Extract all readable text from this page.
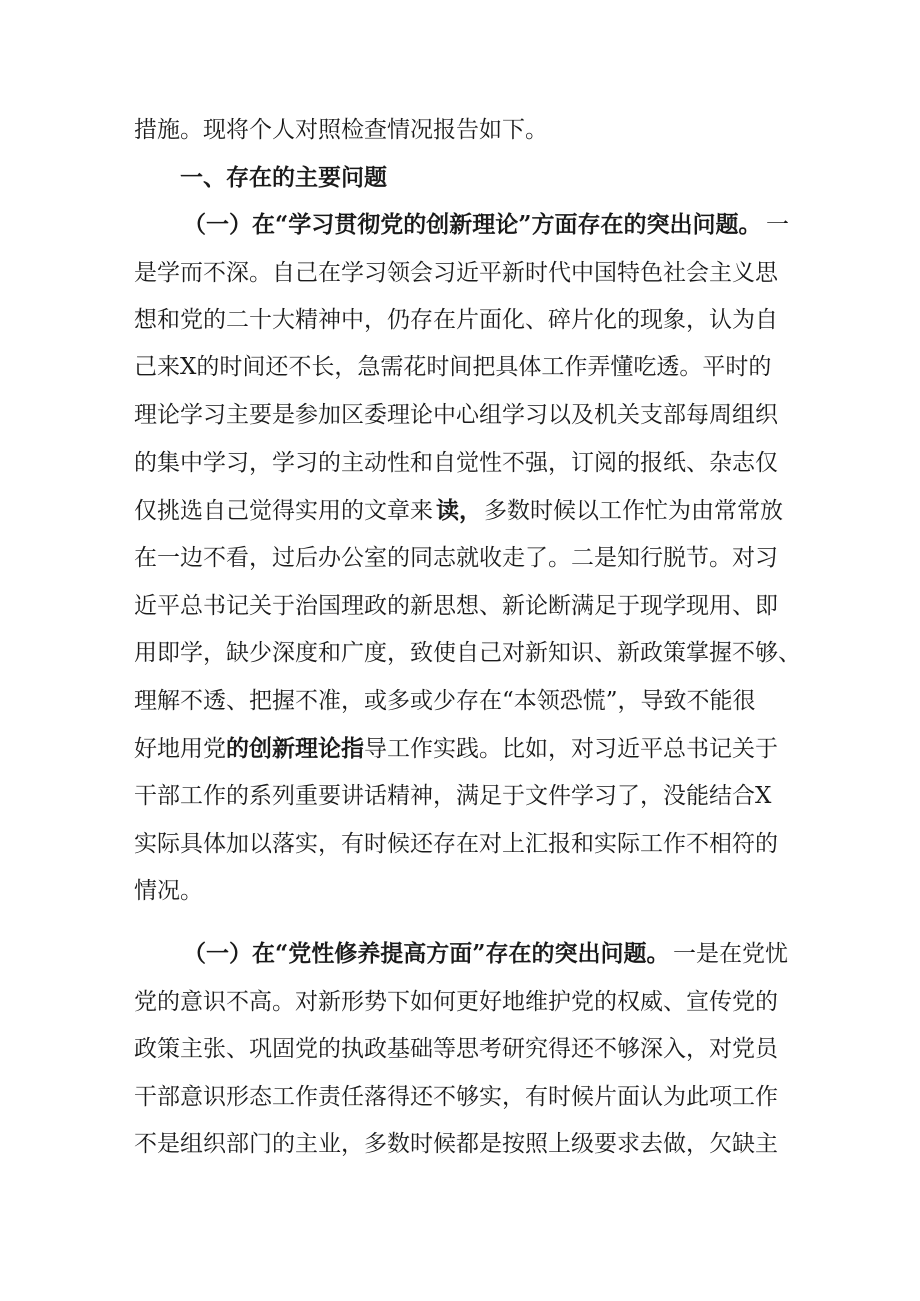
措施。现将个人对照检查情况报告如下。
一、存在的主要问题
（一）在“学习贯彻党的创新理论”方面存在的突出问题。 一
是学而不深。自己在学习领会习近平新时代中国特色社会主义思
想和党的二十大精神中，仍存在片面化、碎片化的现象，认为自
己来X的时间还不长，急需花时间把具体工作弄懂吃透。平时的
理论学习主要是参加区委理论中心组学习以及机关支部每周组织
的集中学习，学习的主动性和自觉性不强，订阅的报纸、杂志仅
仅挑选自己觉得实用的文章来 读， 多数时候以工作忙为由常常放
在一边不看，过后办公室的同志就收走了。二是知行脱节。对习
近平总书记关于治国理政的新思想、新论断满足于现学现用、即
用即学，缺少深度和广度，致使自己对新知识、新政策掌握不够、
理解不透、把握不准，或多或少存在“本领恐慌”，导致不能很
好地用党 的创新理论指 导工作实践。比如，对习近平总书记关于
干部工作的系列重要讲话精神，满足于文件学习了，没能结合X
实际具体加以落实，有时候还存在对上汇报和实际工作不相符的
情况。
（一）在“党性修养提高方面”存在的突出问题。 一是在党忧
党的意识不高。对新形势下如何更好地维护党的权威、宣传党的
政策主张、巩固党的执政基础等思考研究得还不够深入，对党员
干部意识形态工作责任落得还不够实，有时候片面认为此项工作
不是组织部门的主业，多数时候都是按照上级要求去做，欠缺主
